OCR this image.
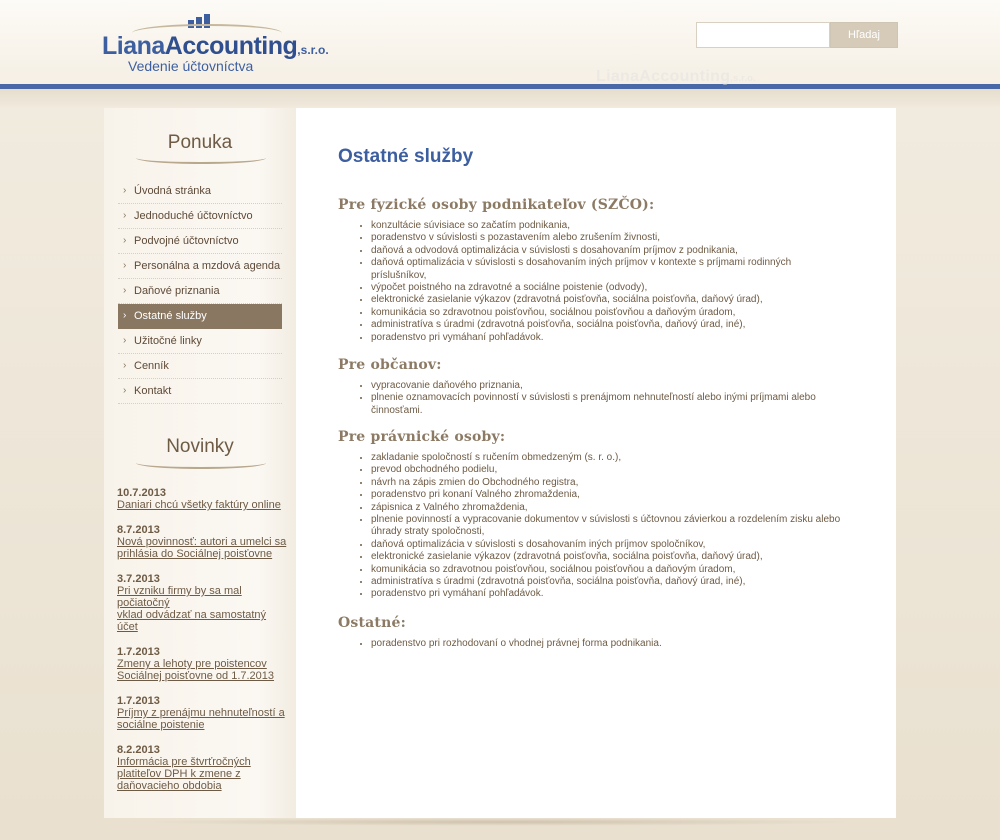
LianaAccounting,s.r.o.
Vedenie účtovníctva
Hľadaj
Ponuka
› Úvodná stránka
› Jednoduché účtovníctvo
› Podvojné účtovníctvo
› Personálna a mzdová agenda
› Daňové priznania
› Ostatné služby
› Užitočné linky
› Cenník
› Kontakt
Novinky
10.7.2013
Daniari chcú všetky faktúry online
8.7.2013
Nová povinnosť: autori a umelci sa
prihlásia do Sociálnej poisťovne
3.7.2013
Pri vzniku firmy by sa mal počiatočný
vklad odvádzať na samostatný účet
1.7.2013
Zmeny a lehoty pre poistencov
Sociálnej poisťovne od 1.7.2013
1.7.2013
Príjmy z prenájmu nehnuteľností a
sociálne poistenie
8.2.2013
Informácia pre štvrťročných
platiteľov DPH k zmene z
daňovacieho obdobia
LianaAccounting,s.r.o.
Ostatné služby
Pre fyzické osoby podnikateľov (SZČO):
• konzultácie súvisiace so začatím podnikania,
• poradenstvo v súvislosti s pozastavením alebo zrušením živnosti,
• daňová a odvodová optimalizácia v súvislosti s dosahovaním príjmov z podnikania,
• daňová optimalizácia v súvislosti s dosahovaním iných príjmov v kontexte s príjmami rodinných
príslušníkov,
• výpočet poistného na zdravotné a sociálne poistenie (odvody),
• elektronické zasielanie výkazov (zdravotná poisťovňa, sociálna poisťovňa, daňový úrad),
• komunikácia so zdravotnou poisťovňou, sociálnou poisťovňou a daňovým úradom,
• administratíva s úradmi (zdravotná poisťovňa, sociálna poisťovňa, daňový úrad, iné),
• poradenstvo pri vymáhaní pohľadávok.
Pre občanov:
• vypracovanie daňového priznania,
• plnenie oznamovacích povinností v súvislosti s prenájmom nehnuteľností alebo inými príjmami alebo
činnosťami.
Pre právnické osoby:
• zakladanie spoločností s ručením obmedzeným (s. r. o.),
• prevod obchodného podielu,
• návrh na zápis zmien do Obchodného registra,
• poradenstvo pri konaní Valného zhromaždenia,
• zápisnica z Valného zhromaždenia,
• plnenie povinností a vypracovanie dokumentov v súvislosti s účtovnou závierkou a rozdelením zisku alebo
úhrady straty spoločnosti,
• daňová optimalizácia v súvislosti s dosahovaním iných príjmov spoločníkov,
• elektronické zasielanie výkazov (zdravotná poisťovňa, sociálna poisťovňa, daňový úrad),
• komunikácia so zdravotnou poisťovňou, sociálnou poisťovňou a daňovým úradom,
• administratíva s úradmi (zdravotná poisťovňa, sociálna poisťovňa, daňový úrad, iné),
• poradenstvo pri vymáhaní pohľadávok.
Ostatné:
• poradenstvo pri rozhodovaní o vhodnej právnej forma podnikania.
